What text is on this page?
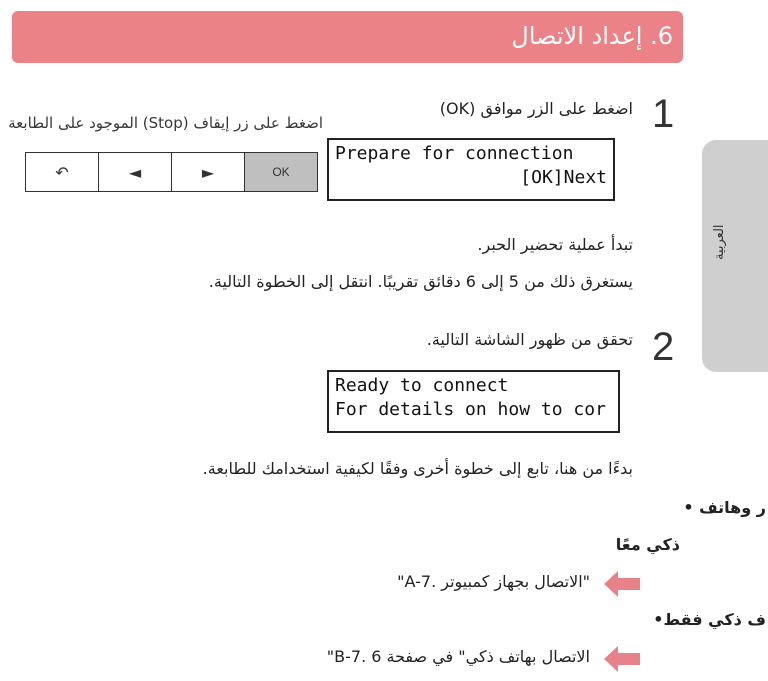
6. إعداد الاتصال
العربية
1
اضغط على الزر موافق (OK)
اضغط على زر إيقاف (Stop) الموجود على الطابعة
↶	◄	►	OK
Prepare for connection
[OK]Next
تبدأ عملية تحضير الحبر.
يستغرق ذلك من 5 إلى 6 دقائق تقريبًا. انتقل إلى الخطوة التالية.
2
تحقق من ظهور الشاشة التالية.
Ready to connect
For details on how to cor
بدءًا من هنا، تابع إلى خطوة أخرى وفقًا لكيفية استخدامك للطابعة.
ر وهاتف •
ذكي معًا
"A-7. الاتصال بجهاز كمبيوتر"
ف ذكي فقط•
"B-7. الاتصال بهاتف ذكي" في صفحة 6
